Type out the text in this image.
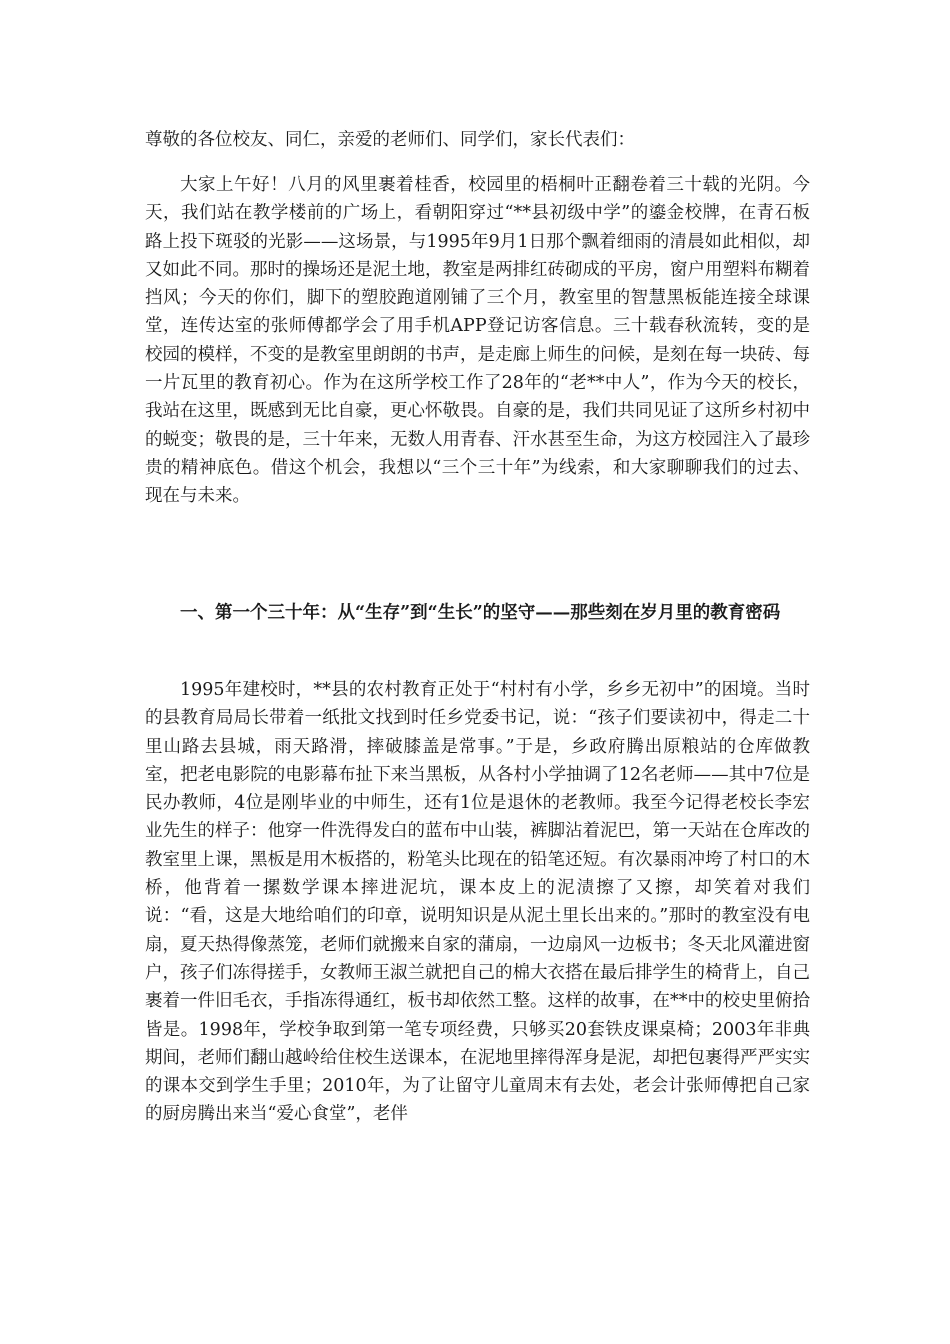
尊敬的各位校友、同仁，亲爱的老师们、同学们，家长代表们：

大家上午好！八月的风里裹着桂香，校园里的梧桐叶正翻卷着三十载的光阴。今天，我们站在教学楼前的广场上，看朝阳穿过“**县初级中学”的鎏金校牌，在青石板路上投下斑驳的光影——这场景，与1995年9月1日那个飘着细雨的清晨如此相似，却又如此不同。那时的操场还是泥土地，教室是两排红砖砌成的平房，窗户用塑料布糊着挡风；今天的你们，脚下的塑胶跑道刚铺了三个月，教室里的智慧黑板能连接全球课堂，连传达室的张师傅都学会了用手机APP登记访客信息。三十载春秋流转，变的是校园的模样，不变的是教室里朗朗的书声，是走廊上师生的问候，是刻在每一块砖、每一片瓦里的教育初心。作为在这所学校工作了28年的“老**中人”，作为今天的校长，我站在这里，既感到无比自豪，更心怀敬畏。自豪的是，我们共同见证了这所乡村初中的蜕变；敬畏的是，三十年来，无数人用青春、汗水甚至生命，为这方校园注入了最珍贵的精神底色。借这个机会，我想以“三个三十年”为线索，和大家聊聊我们的过去、现在与未来。

一、第一个三十年：从“生存”到“生长”的坚守——那些刻在岁月里的教育密码

1995年建校时，**县的农村教育正处于“村村有小学，乡乡无初中”的困境。当时的县教育局局长带着一纸批文找到时任乡党委书记，说：“孩子们要读初中，得走二十里山路去县城，雨天路滑，摔破膝盖是常事。”于是，乡政府腾出原粮站的仓库做教室，把老电影院的电影幕布扯下来当黑板，从各村小学抽调了12名老师——其中7位是民办教师，4位是刚毕业的中师生，还有1位是退休的老教师。我至今记得老校长李宏业先生的样子：他穿一件洗得发白的蓝布中山装，裤脚沾着泥巴，第一天站在仓库改的教室里上课，黑板是用木板搭的，粉笔头比现在的铅笔还短。有次暴雨冲垮了村口的木桥，他背着一摞数学课本摔进泥坑，课本皮上的泥渍擦了又擦，却笑着对我们说：“看，这是大地给咱们的印章，说明知识是从泥土里长出来的。”那时的教室没有电扇，夏天热得像蒸笼，老师们就搬来自家的蒲扇，一边扇风一边板书；冬天北风灌进窗户，孩子们冻得搓手，女教师王淑兰就把自己的棉大衣搭在最后排学生的椅背上，自己裹着一件旧毛衣，手指冻得通红，板书却依然工整。这样的故事，在**中的校史里俯拾皆是。1998年，学校争取到第一笔专项经费，只够买20套铁皮课桌椅；2003年非典期间，老师们翻山越岭给住校生送课本，在泥地里摔得浑身是泥，却把包裹得严严实实的课本交到学生手里；2010年，为了让留守儿童周末有去处，老会计张师傅把自己家的厨房腾出来当“爱心食堂”，老伴
